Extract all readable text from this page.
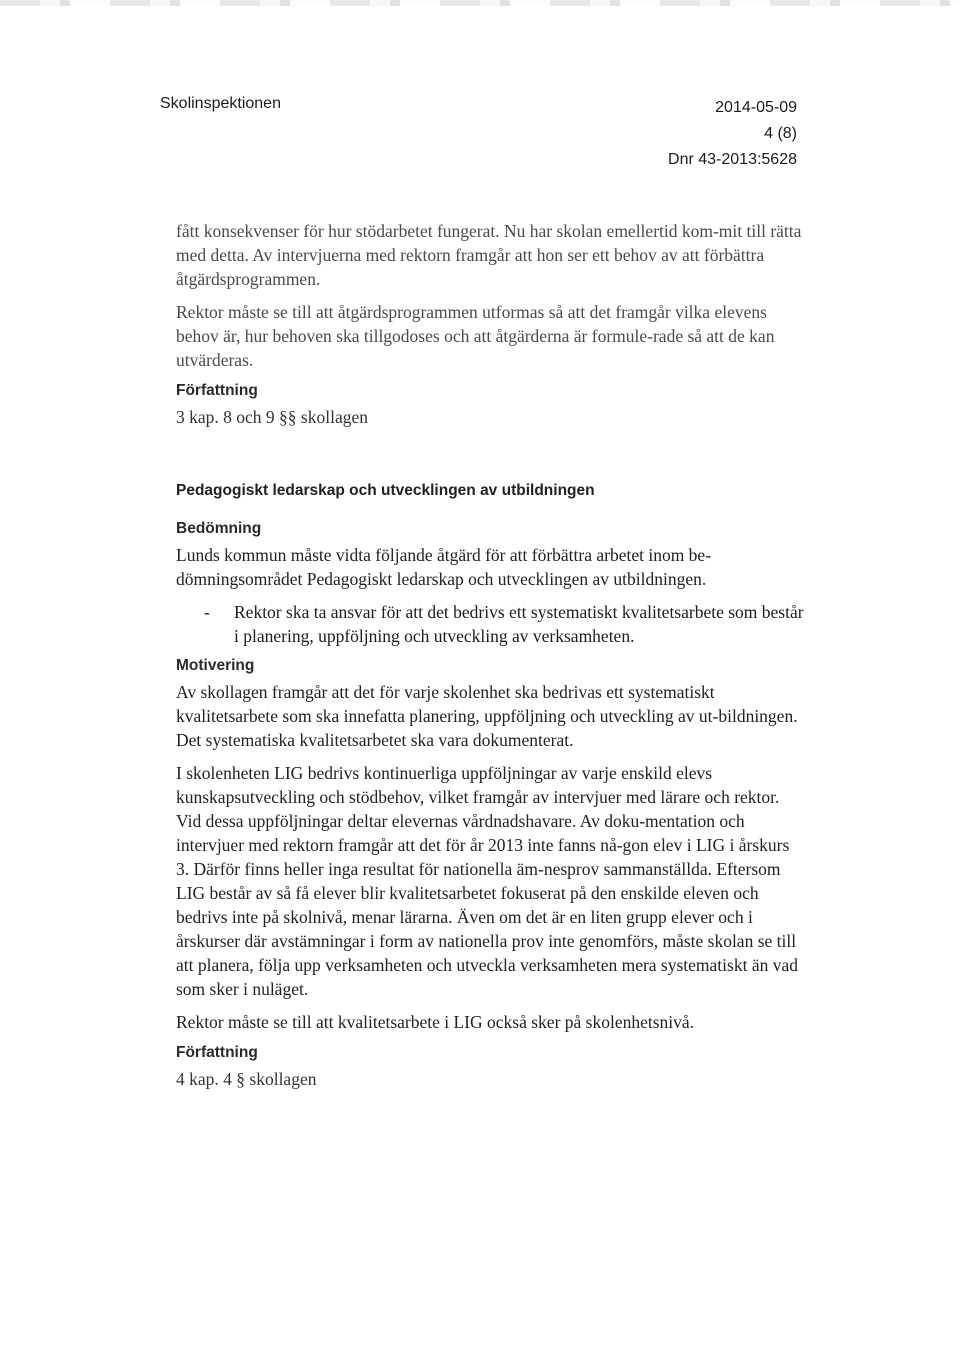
Skolinspektionen	2014-05-09
4 (8)
Dnr 43-2013:5628

fått konsekvenser för hur stödarbetet fungerat. Nu har skolan emellertid kom-mit till rätta med detta. Av intervjuerna med rektorn framgår att hon ser ett behov av att förbättra åtgärdsprogrammen.

Rektor måste se till att åtgärdsprogrammen utformas så att det framgår vilka elevens behov är, hur behoven ska tillgodoses och att åtgärderna är formule-rade så att de kan utvärderas.

Författning

3 kap. 8 och 9 §§ skollagen

Pedagogiskt ledarskap och utvecklingen av utbildningen
Bedömning

Lunds kommun måste vidta följande åtgärd för att förbättra arbetet inom be-dömningsområdet Pedagogiskt ledarskap och utvecklingen av utbildningen.

- Rektor ska ta ansvar för att det bedrivs ett systematiskt kvalitetsarbete som består i planering, uppföljning och utveckling av verksamheten.
Motivering

Av skollagen framgår att det för varje skolenhet ska bedrivas ett systematiskt kvalitetsarbete som ska innefatta planering, uppföljning och utveckling av ut-bildningen. Det systematiska kvalitetsarbetet ska vara dokumenterat.

I skolenheten LIG bedrivs kontinuerliga uppföljningar av varje enskild elevs kunskapsutveckling och stödbehov, vilket framgår av intervjuer med lärare och rektor. Vid dessa uppföljningar deltar elevernas vårdnadshavare. Av doku-mentation och intervjuer med rektorn framgår att det för år 2013 inte fanns nå-gon elev i LIG i årskurs 3. Därför finns heller inga resultat för nationella äm-nesprov sammanställda. Eftersom LIG består av så få elever blir kvalitetsarbetet fokuserat på den enskilde eleven och bedrivs inte på skolnivå, menar lärarna. Även om det är en liten grupp elever och i årskurser där avstämningar i form av nationella prov inte genomförs, måste skolan se till att planera, följa upp verksamheten och utveckla verksamheten mera systematiskt än vad som sker i nuläget.

Rektor måste se till att kvalitetsarbete i LIG också sker på skolenhetsnivå.

Författning

4 kap. 4 § skollagen
